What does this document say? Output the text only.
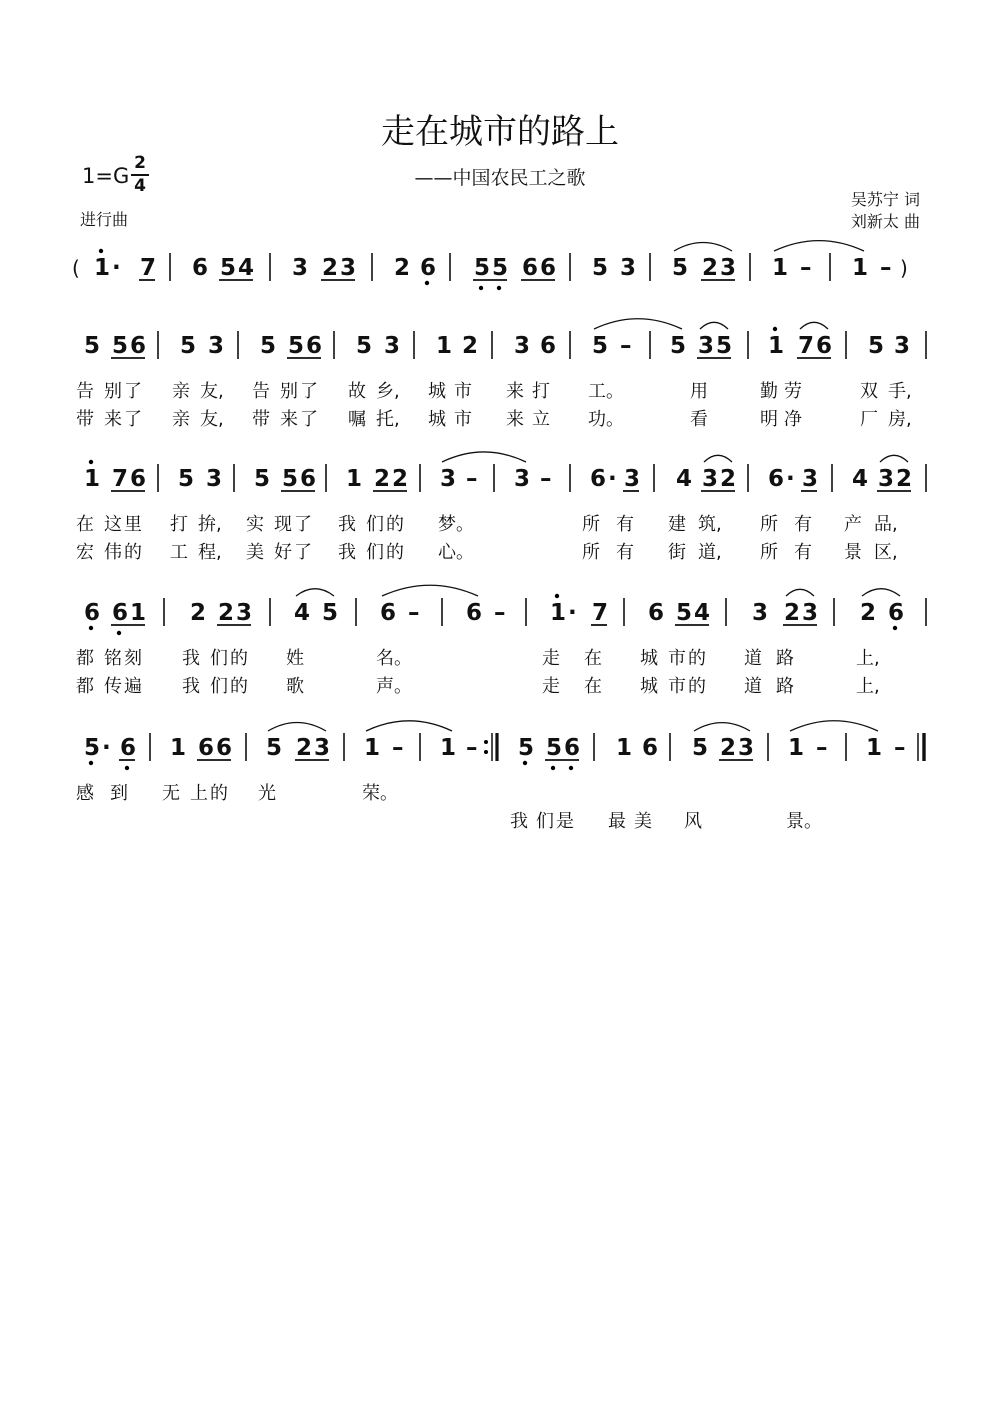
走在城市的路上
——中国农民工之歌
1=G
2
4
进行曲
吴苏宁 词
刘新太 曲
( 1 · 7 6 5 4 3 2 3 2 6 5 5 6 6 5 3 5 2 3 1 – 1 – )
5 5 6 5 3 5 5 6 5 3 1 2 3 6 5 – 5 3 5 1 7 6 5 3
告 别 了 亲 友, 告 别 了 故 乡, 城 市 来 打 工。	用	勤 劳	双 手,
带 来 了 亲 友, 带 来 了 嘱 托, 城 市 来 立 功。	看	明 净	厂 房,
1 7 6 5 3 5 5 6 1 2 2 3 – 3 – 6 · 3 4 3 2 6 · 3 4 3 2
在 这 里 打 拚, 实 现 了 我 们 的 梦。	所 有 建 筑, 所 有 产 品,
宏 伟 的 工 程, 美 好 了 我 们 的 心。	所 有 街 道, 所 有 景 区,
6 6 1 2 2 3 4 5 6 – 6 – 1 · 7 6 5 4 3 2 3 2 6
都 铭 刻 我 们 的 姓	名。	走 在 城 市 的 道 路	上,
都 传 遍 我 们 的 歌	声。	走 在 城 市 的 道 路	上,
5 · 6 1 6 6 5 2 3 1 – 1 – 5 5 6 1 6 5 2 3 1 – 1 –
感 到 无 上 的 光	荣。
我 们 是 最 美 风	景。
